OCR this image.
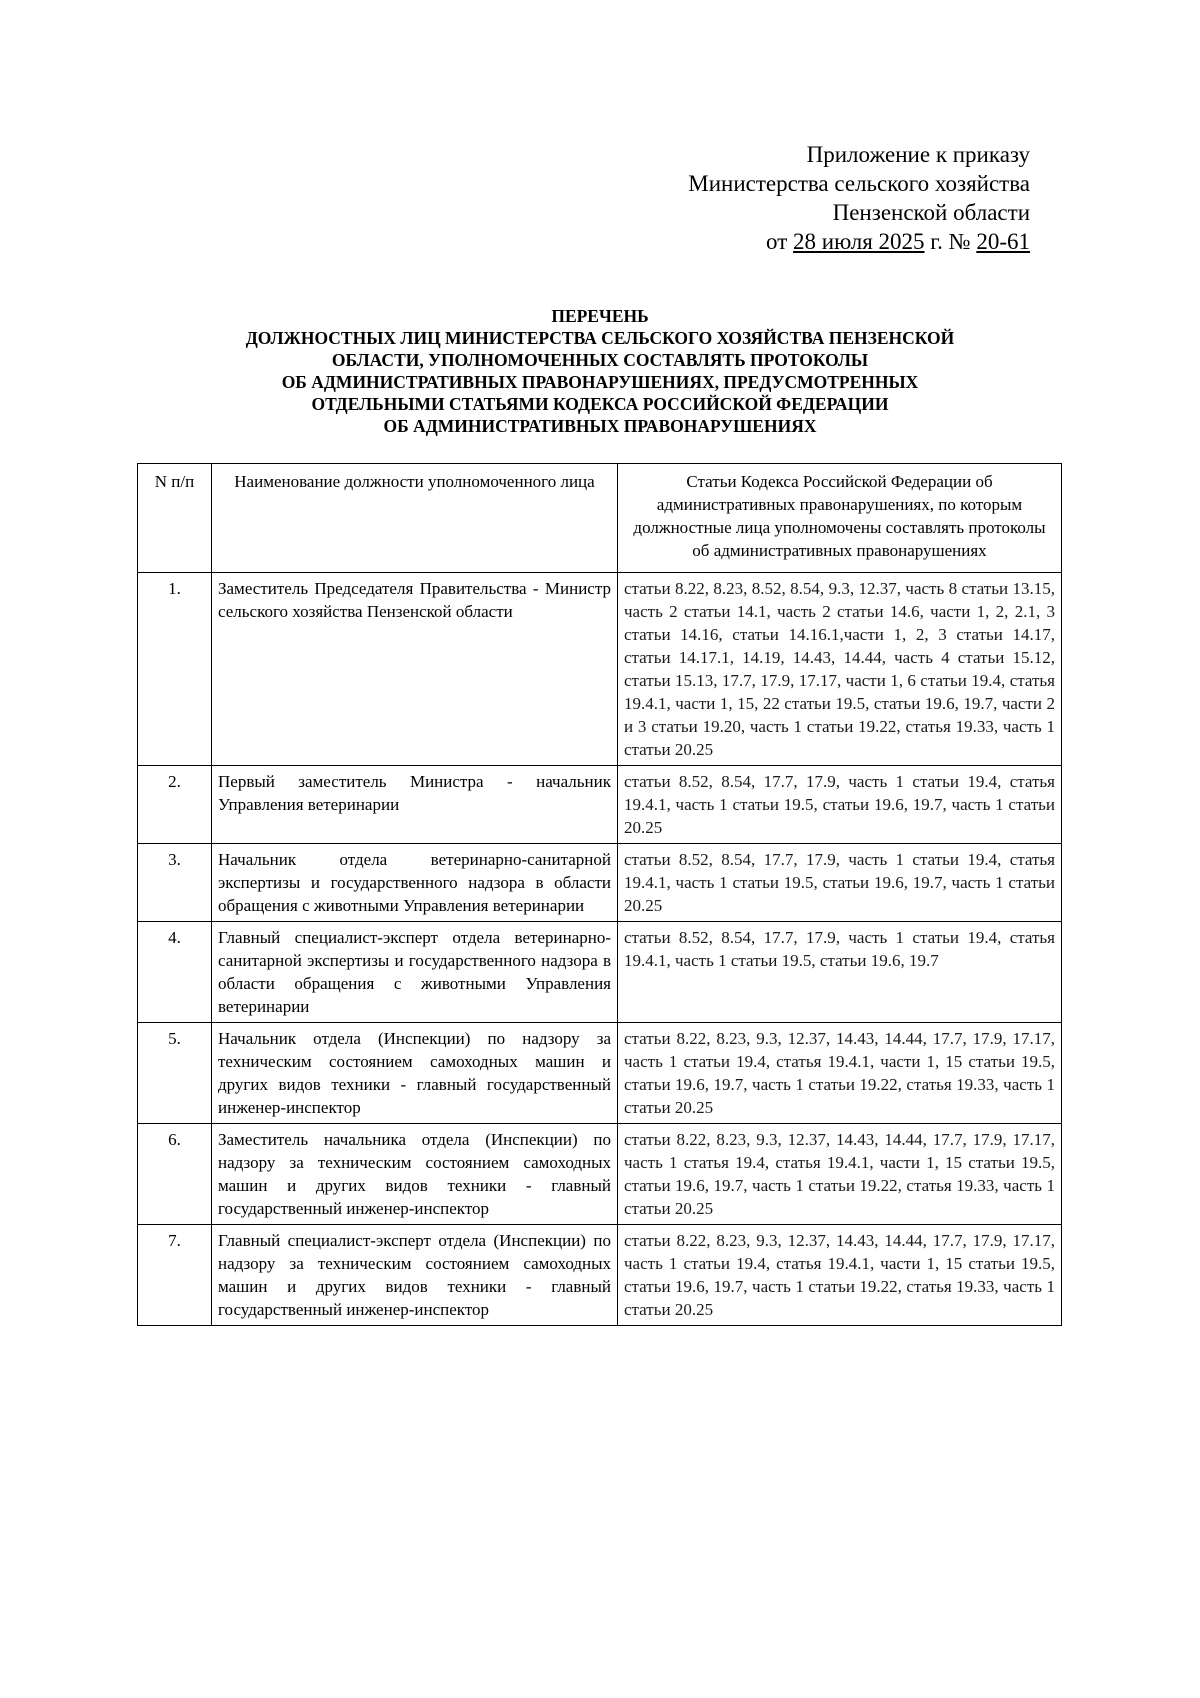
Приложение к приказу
Министерства сельского хозяйства
Пензенской области
от 28 июля 2025 г. № 20-61
ПЕРЕЧЕНЬ
ДОЛЖНОСТНЫХ ЛИЦ МИНИСТЕРСТВА СЕЛЬСКОГО ХОЗЯЙСТВА ПЕНЗЕНСКОЙ
ОБЛАСТИ, УПОЛНОМОЧЕННЫХ СОСТАВЛЯТЬ ПРОТОКОЛЫ
ОБ АДМИНИСТРАТИВНЫХ ПРАВОНАРУШЕНИЯХ, ПРЕДУСМОТРЕННЫХ
ОТДЕЛЬНЫМИ СТАТЬЯМИ КОДЕКСА РОССИЙСКОЙ ФЕДЕРАЦИИ
ОБ АДМИНИСТРАТИВНЫХ ПРАВОНАРУШЕНИЯХ
N п/п	Наименование должности уполномоченного лица	Статьи Кодекса Российской Федерации об административных правонарушениях, по которым должностные лица уполномочены составлять протоколы об административных правонарушениях
1.	Заместитель Председателя Правительства - Министр сельского хозяйства Пензенской области	статьи 8.22, 8.23, 8.52, 8.54, 9.3, 12.37, часть 8 статьи 13.15, часть 2 статьи 14.1, часть 2 статьи 14.6, части 1, 2, 2.1, 3 статьи 14.16, статьи 14.16.1,части 1, 2, 3 статьи 14.17, статьи 14.17.1, 14.19, 14.43, 14.44, часть 4 статьи 15.12, статьи 15.13, 17.7, 17.9, 17.17, части 1, 6 статьи 19.4, статья 19.4.1, части 1, 15, 22 статьи 19.5, статьи 19.6, 19.7, части 2 и 3 статьи 19.20, часть 1 статьи 19.22, статья 19.33, часть 1 статьи 20.25
2.	Первый заместитель Министра - начальник Управления ветеринарии	статьи 8.52, 8.54, 17.7, 17.9, часть 1 статьи 19.4, статья 19.4.1, часть 1 статьи 19.5, статьи 19.6, 19.7, часть 1 статьи 20.25
3.	Начальник отдела ветеринарно-санитарной экспертизы и государственного надзора в области обращения с животными Управления ветеринарии	статьи 8.52, 8.54, 17.7, 17.9, часть 1 статьи 19.4, статья 19.4.1, часть 1 статьи 19.5, статьи 19.6, 19.7, часть 1 статьи 20.25
4.	Главный специалист-эксперт отдела ветеринарно-санитарной экспертизы и государственного надзора в области обращения с животными Управления ветеринарии	статьи 8.52, 8.54, 17.7, 17.9, часть 1 статьи 19.4, статья 19.4.1, часть 1 статьи 19.5, статьи 19.6, 19.7
5.	Начальник отдела (Инспекции) по надзору за техническим состоянием самоходных машин и других видов техники - главный государственный инженер-инспектор	статьи 8.22, 8.23, 9.3, 12.37, 14.43, 14.44, 17.7, 17.9, 17.17, часть 1 статьи 19.4, статья 19.4.1, части 1, 15 статьи 19.5, статьи 19.6, 19.7, часть 1 статьи 19.22, статья 19.33, часть 1 статьи 20.25
6.	Заместитель начальника отдела (Инспекции) по надзору за техническим состоянием самоходных машин и других видов техники - главный государственный инженер-инспектор	статьи 8.22, 8.23, 9.3, 12.37, 14.43, 14.44, 17.7, 17.9, 17.17, часть 1 статья 19.4, статья 19.4.1, части 1, 15 статьи 19.5, статьи 19.6, 19.7, часть 1 статьи 19.22, статья 19.33, часть 1 статьи 20.25
7.	Главный специалист-эксперт отдела (Инспекции) по надзору за техническим состоянием самоходных машин и других видов техники - главный государственный инженер-инспектор	статьи 8.22, 8.23, 9.3, 12.37, 14.43, 14.44, 17.7, 17.9, 17.17, часть 1 статьи 19.4, статья 19.4.1, части 1, 15 статьи 19.5, статьи 19.6, 19.7, часть 1 статьи 19.22, статья 19.33, часть 1 статьи 20.25
